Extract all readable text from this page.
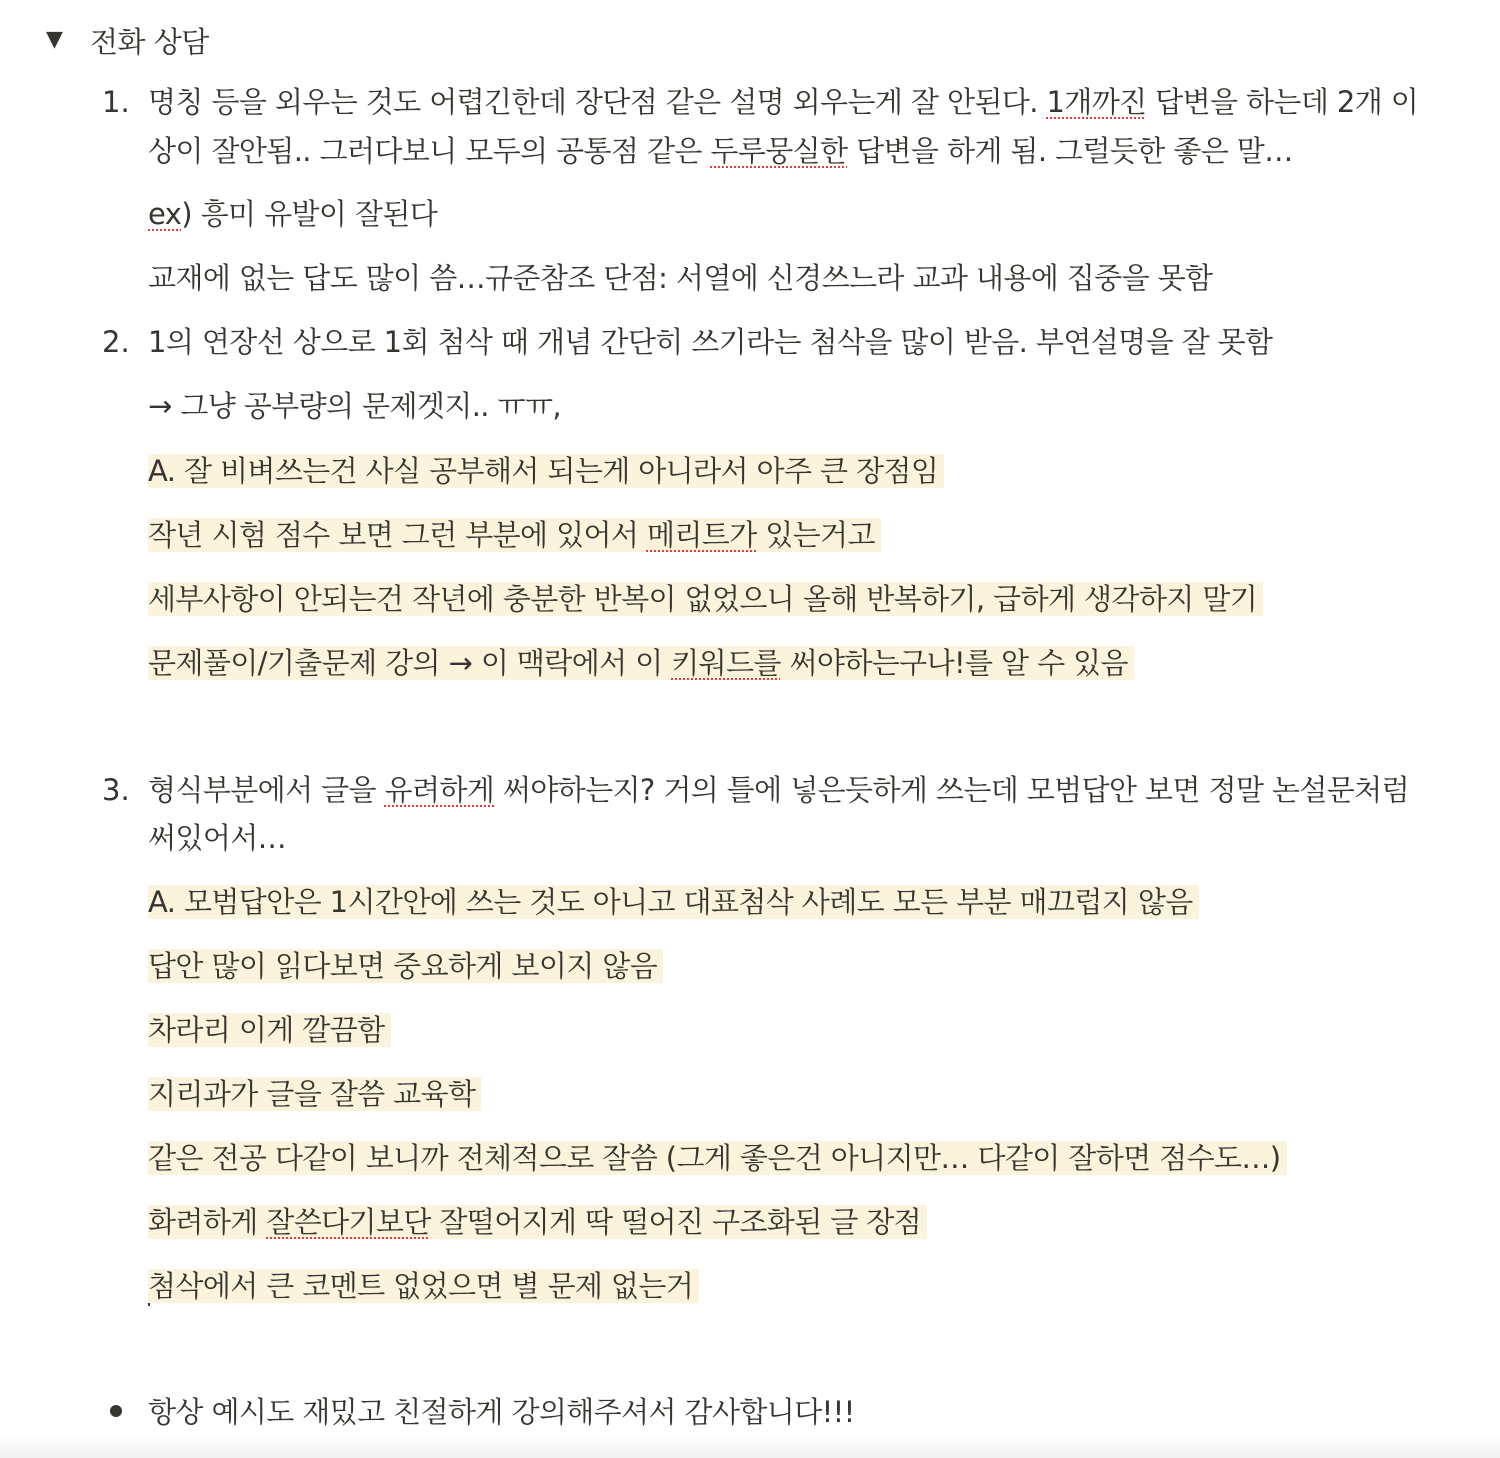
▼ 전화 상담
1. 명칭 등을 외우는 것도 어렵긴한데 장단점 같은 설명 외우는게 잘 안된다. 1개까진 답변을 하는데 2개 이
상이 잘안됨.. 그러다보니 모두의 공통점 같은 두루뭉실한 답변을 하게 됨. 그럴듯한 좋은 말…
ex) 흥미 유발이 잘된다
교재에 없는 답도 많이 씀…규준참조 단점: 서열에 신경쓰느라 교과 내용에 집중을 못함
2. 1의 연장선 상으로 1회 첨삭 때 개념 간단히 쓰기라는 첨삭을 많이 받음. 부연설명을 잘 못함
→ 그냥 공부량의 문제겟지.. ㅠㅠ,
A. 잘 비벼쓰는건 사실 공부해서 되는게 아니라서 아주 큰 장점임
작년 시험 점수 보면 그런 부분에 있어서 메리트가 있는거고
세부사항이 안되는건 작년에 충분한 반복이 없었으니 올해 반복하기, 급하게 생각하지 말기
문제풀이/기출문제 강의 → 이 맥락에서 이 키워드를 써야하는구나!를 알 수 있음
3. 형식부분에서 글을 유려하게 써야하는지? 거의 틀에 넣은듯하게 쓰는데 모범답안 보면 정말 논설문처럼
써있어서…
A. 모범답안은 1시간안에 쓰는 것도 아니고 대표첨삭 사례도 모든 부분 매끄럽지 않음
답안 많이 읽다보면 중요하게 보이지 않음
차라리 이게 깔끔함
지리과가 글을 잘씀 교육학
같은 전공 다같이 보니까 전체적으로 잘씀 (그게 좋은건 아니지만… 다같이 잘하면 점수도…)
화려하게 잘쓴다기보단 잘떨어지게 딱 떨어진 구조화된 글 장점
첨삭에서 큰 코멘트 없었으면 별 문제 없는거
항상 예시도 재밌고 친절하게 강의해주셔서 감사합니다!!!
